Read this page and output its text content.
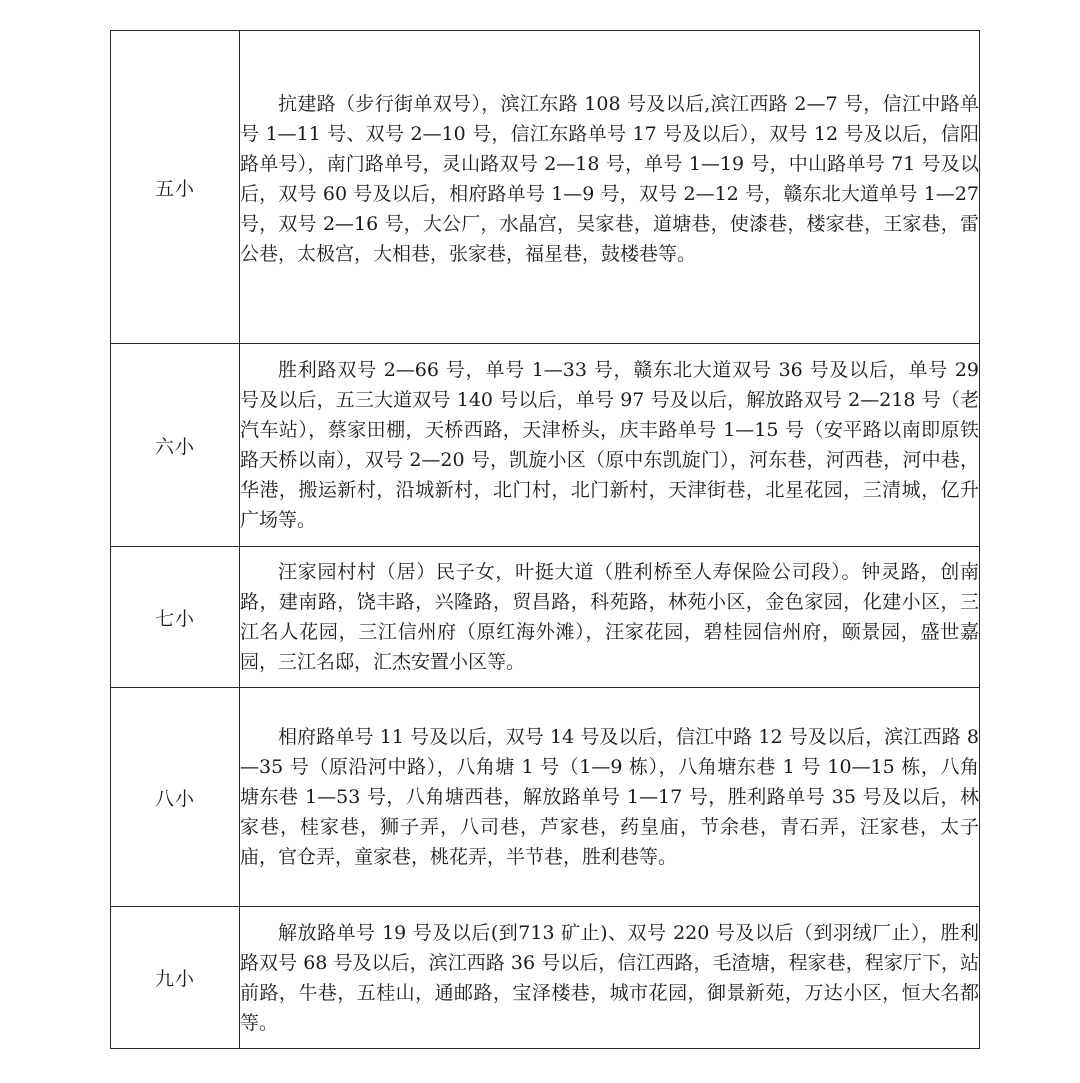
五小	抗建路（步行街单双号），滨江东路 108 号及以后,滨江西路 2—7 号，信江中路单号 1—11 号、双号 2—10 号，信江东路单号 17 号及以后），双号 12 号及以后，信阳路单号），南门路单号，灵山路双号 2—18 号，单号 1—19 号，中山路单号 71 号及以后，双号 60 号及以后，相府路单号 1—9 号，双号 2—12 号，赣东北大道单号 1—27 号，双号 2—16 号，大公厂，水晶宫，吴家巷，道塘巷，使漆巷，楼家巷，王家巷，雷公巷，太极宫，大相巷，张家巷，福星巷，鼓楼巷等。
六小	胜利路双号 2—66 号，单号 1—33 号，赣东北大道双号 36 号及以后，单号 29 号及以后，五三大道双号 140 号以后，单号 97 号及以后，解放路双号 2—218 号（老汽车站），蔡家田棚，天桥西路，天津桥头，庆丰路单号 1—15 号（安平路以南即原铁路天桥以南），双号 2—20 号，凯旋小区（原中东凯旋门），河东巷，河西巷，河中巷，华港，搬运新村，沿城新村，北门村，北门新村，天津街巷，北星花园，三清城，亿升广场等。
七小	汪家园村村（居）民子女，叶挺大道（胜利桥至人寿保险公司段）。钟灵路，创南路，建南路，饶丰路，兴隆路，贸昌路，科苑路，林苑小区，金色家园，化建小区，三江名人花园，三江信州府（原红海外滩），汪家花园，碧桂园信州府，颐景园，盛世嘉园，三江名邸，汇杰安置小区等。
八小	相府路单号 11 号及以后，双号 14 号及以后，信江中路 12 号及以后，滨江西路 8—35 号（原沿河中路），八角塘 1 号（1—9 栋），八角塘东巷 1 号 10—15 栋，八角塘东巷 1—53 号，八角塘西巷，解放路单号 1—17 号，胜利路单号 35 号及以后，林家巷，桂家巷，狮子弄，八司巷，芦家巷，药皇庙，节余巷，青石弄，汪家巷，太子庙，官仓弄，童家巷，桃花弄，半节巷，胜利巷等。
九小	解放路单号 19 号及以后(到713 矿止)、双号 220 号及以后（到羽绒厂止），胜利路双号 68 号及以后，滨江西路 36 号以后，信江西路，毛渣塘，程家巷，程家厅下，站前路，牛巷，五桂山，通邮路，宝泽楼巷，城市花园，御景新苑，万达小区，恒大名都等。
